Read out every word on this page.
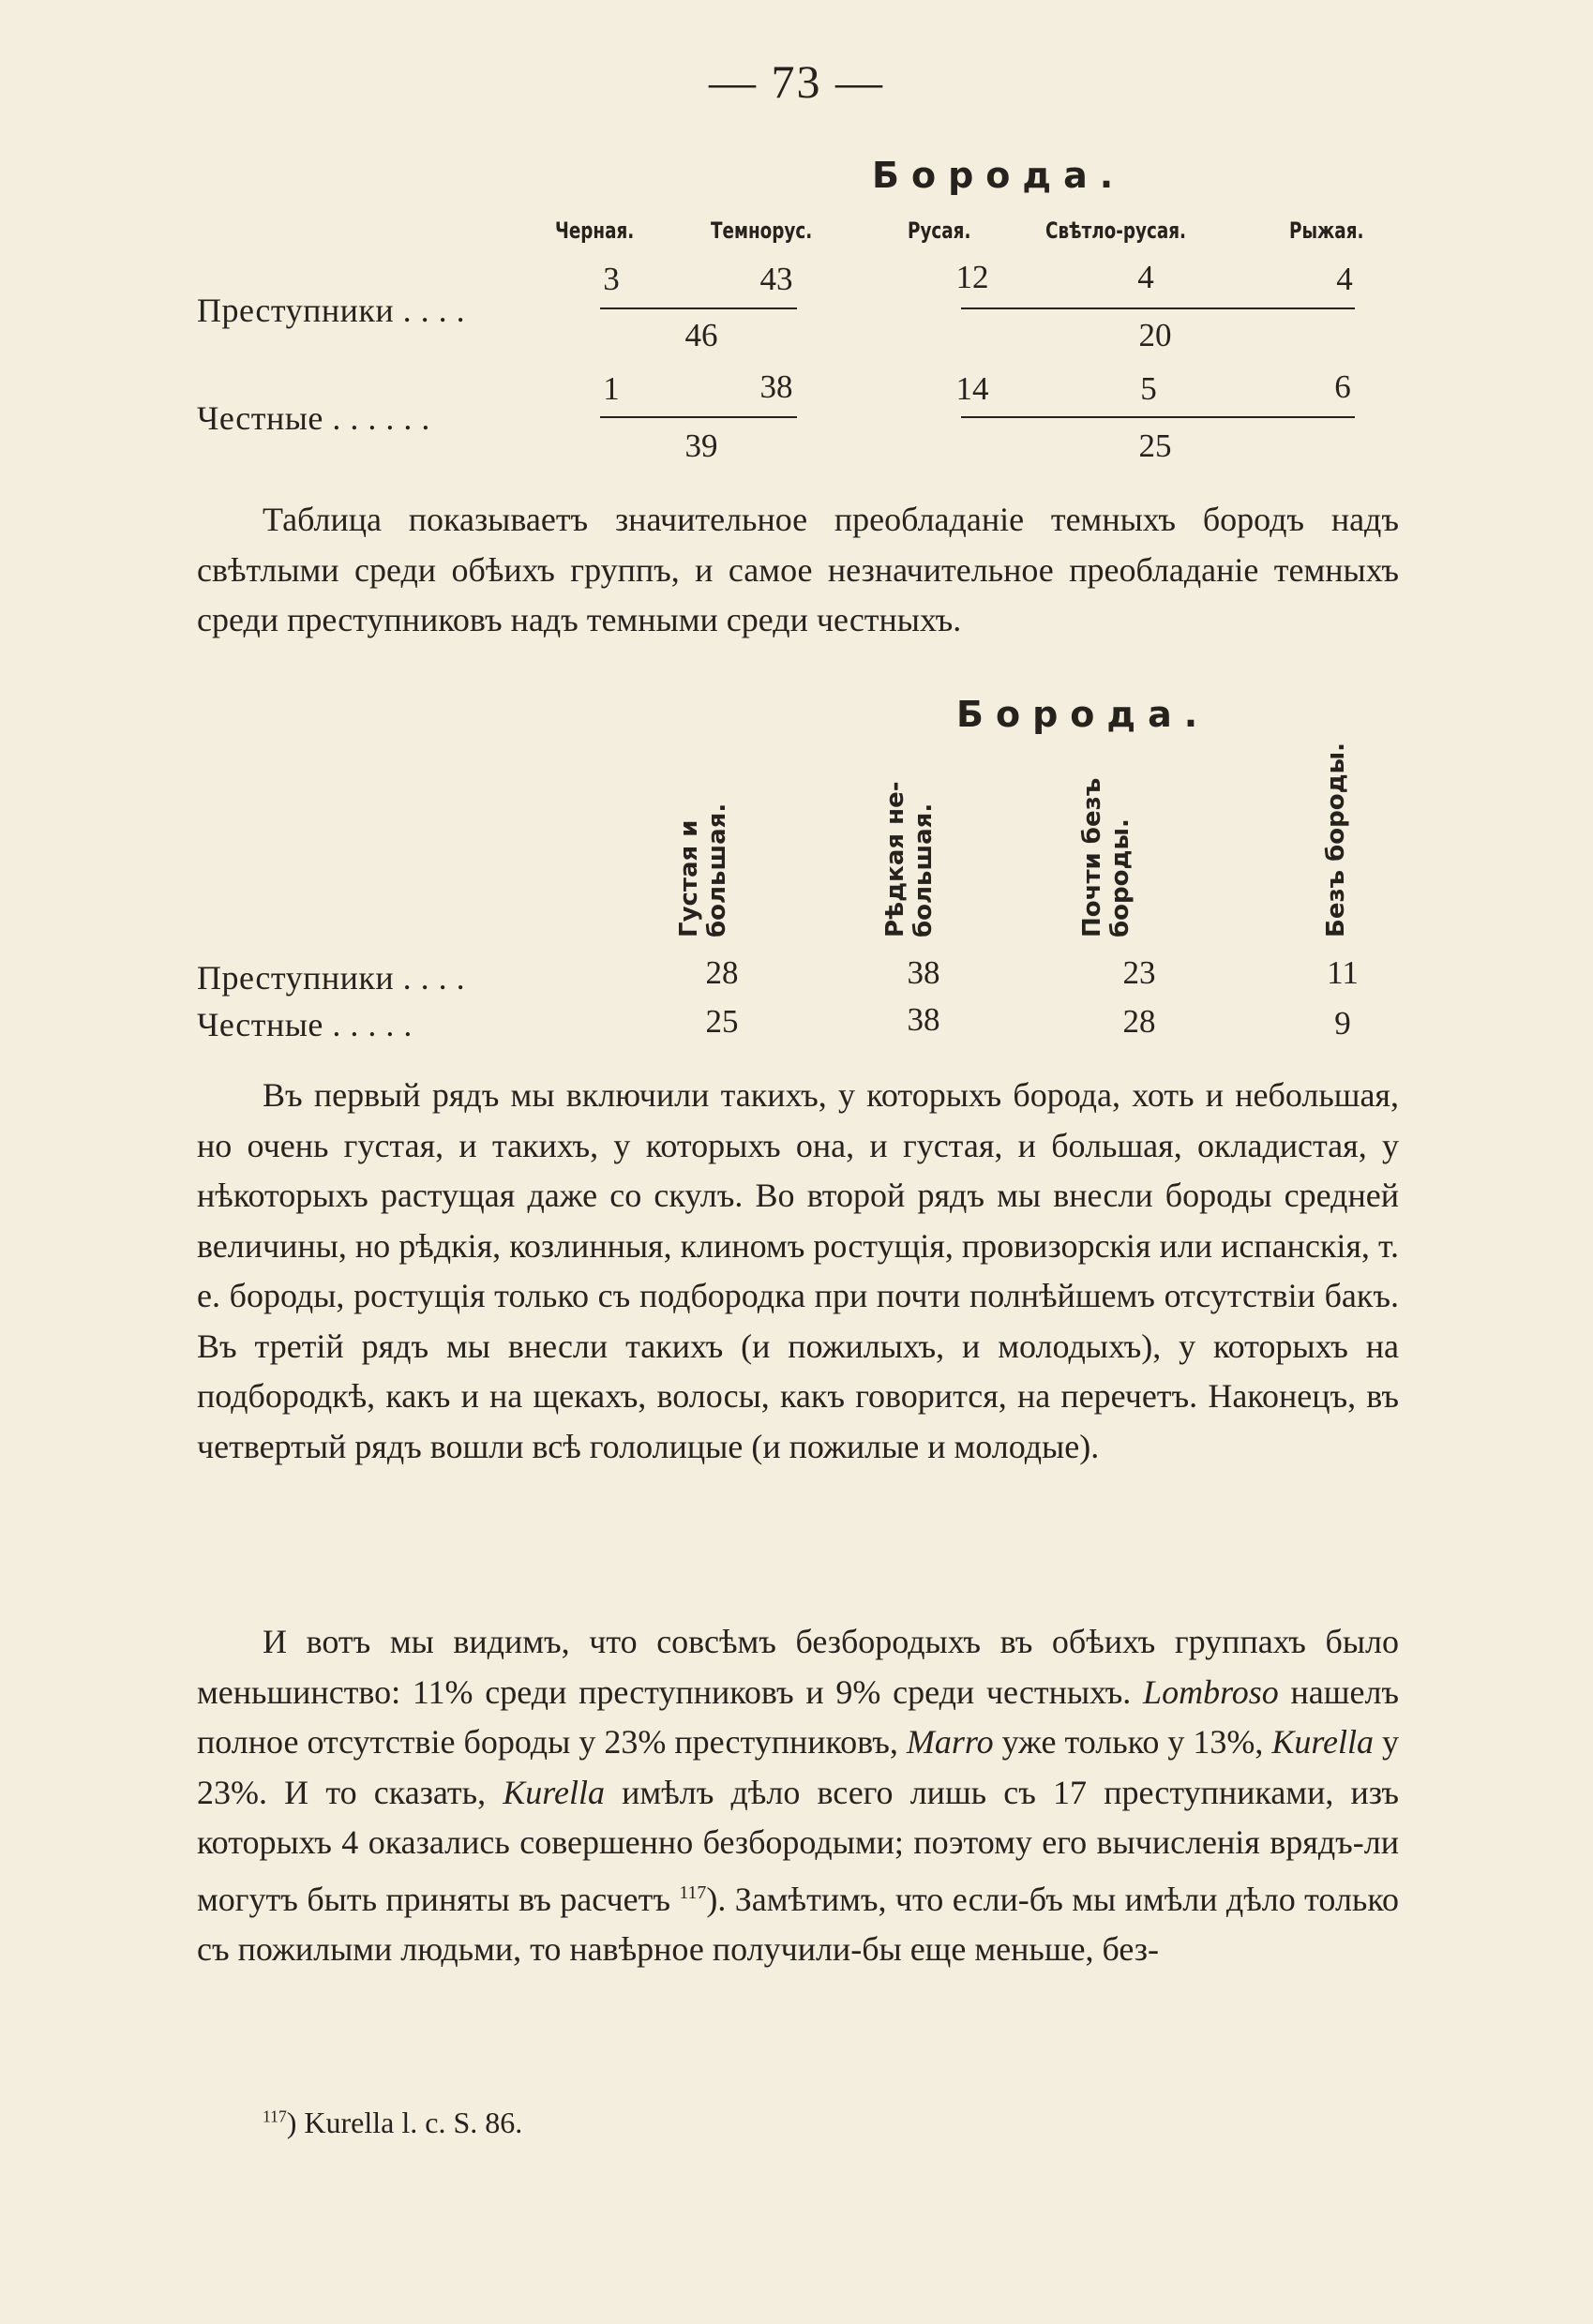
— 73 —
Борода.
Черная.	Темнорус.	Русая.	Свѣтло-русая.	Рыжая.
Преступники . . . .
3	43	12	4	4
46	20
Честные . . . . . .
1	38	14	5	6
39	25

Таблица показываетъ значительное преобладаніе темныхъ бородъ надъ свѣтлыми среди обѣихъ группъ, и самое незначительное преобладаніе темныхъ среди преступниковъ надъ темными среди честныхъ.

Борода.
Густая и большая.	Рѣдкая не- большая.	Почти безъ бороды.	Безъ бороды.
Преступники . . . .	28	38	23	11
Честные . . . . .	25	38	28	9

Въ первый рядъ мы включили такихъ, у которыхъ борода, хоть и небольшая, но очень густая, и такихъ, у которыхъ она, и густая, и большая, окладистая, у нѣкоторыхъ растущая даже со скулъ. Во второй рядъ мы внесли бороды средней величины, но рѣдкія, козлинныя, клиномъ ростущія, провизорскія или испанскія, т. е. бороды, ростущія только съ подбородка при почти полнѣйшемъ отсутствіи бакъ. Въ третій рядъ мы внесли такихъ (и пожилыхъ, и молодыхъ), у которыхъ на подбородкѣ, какъ и на щекахъ, волосы, какъ говорится, на перечетъ. Наконецъ, въ четвертый рядъ вошли всѣ гололицые (и пожилые и молодые).

И вотъ мы видимъ, что совсѣмъ безбородыхъ въ обѣихъ группахъ было меньшинство: 11% среди преступниковъ и 9% среди честныхъ. Lombroso нашелъ полное отсутствіе бороды у 23% преступниковъ, Marro уже только у 13%, Kurella у 23%. И то сказать, Kurella имѣлъ дѣло всего лишь съ 17 преступниками, изъ которыхъ 4 оказались совершенно безбородыми; поэтому его вычисленія врядъ-ли могутъ быть приняты въ расчетъ $^{117}$). Замѣтимъ, что если-бъ мы имѣли дѣло только съ пожилыми людьми, то навѣрное получили-бы еще меньше, без-

$^{117}$) Kurella l. c. S. 86.
